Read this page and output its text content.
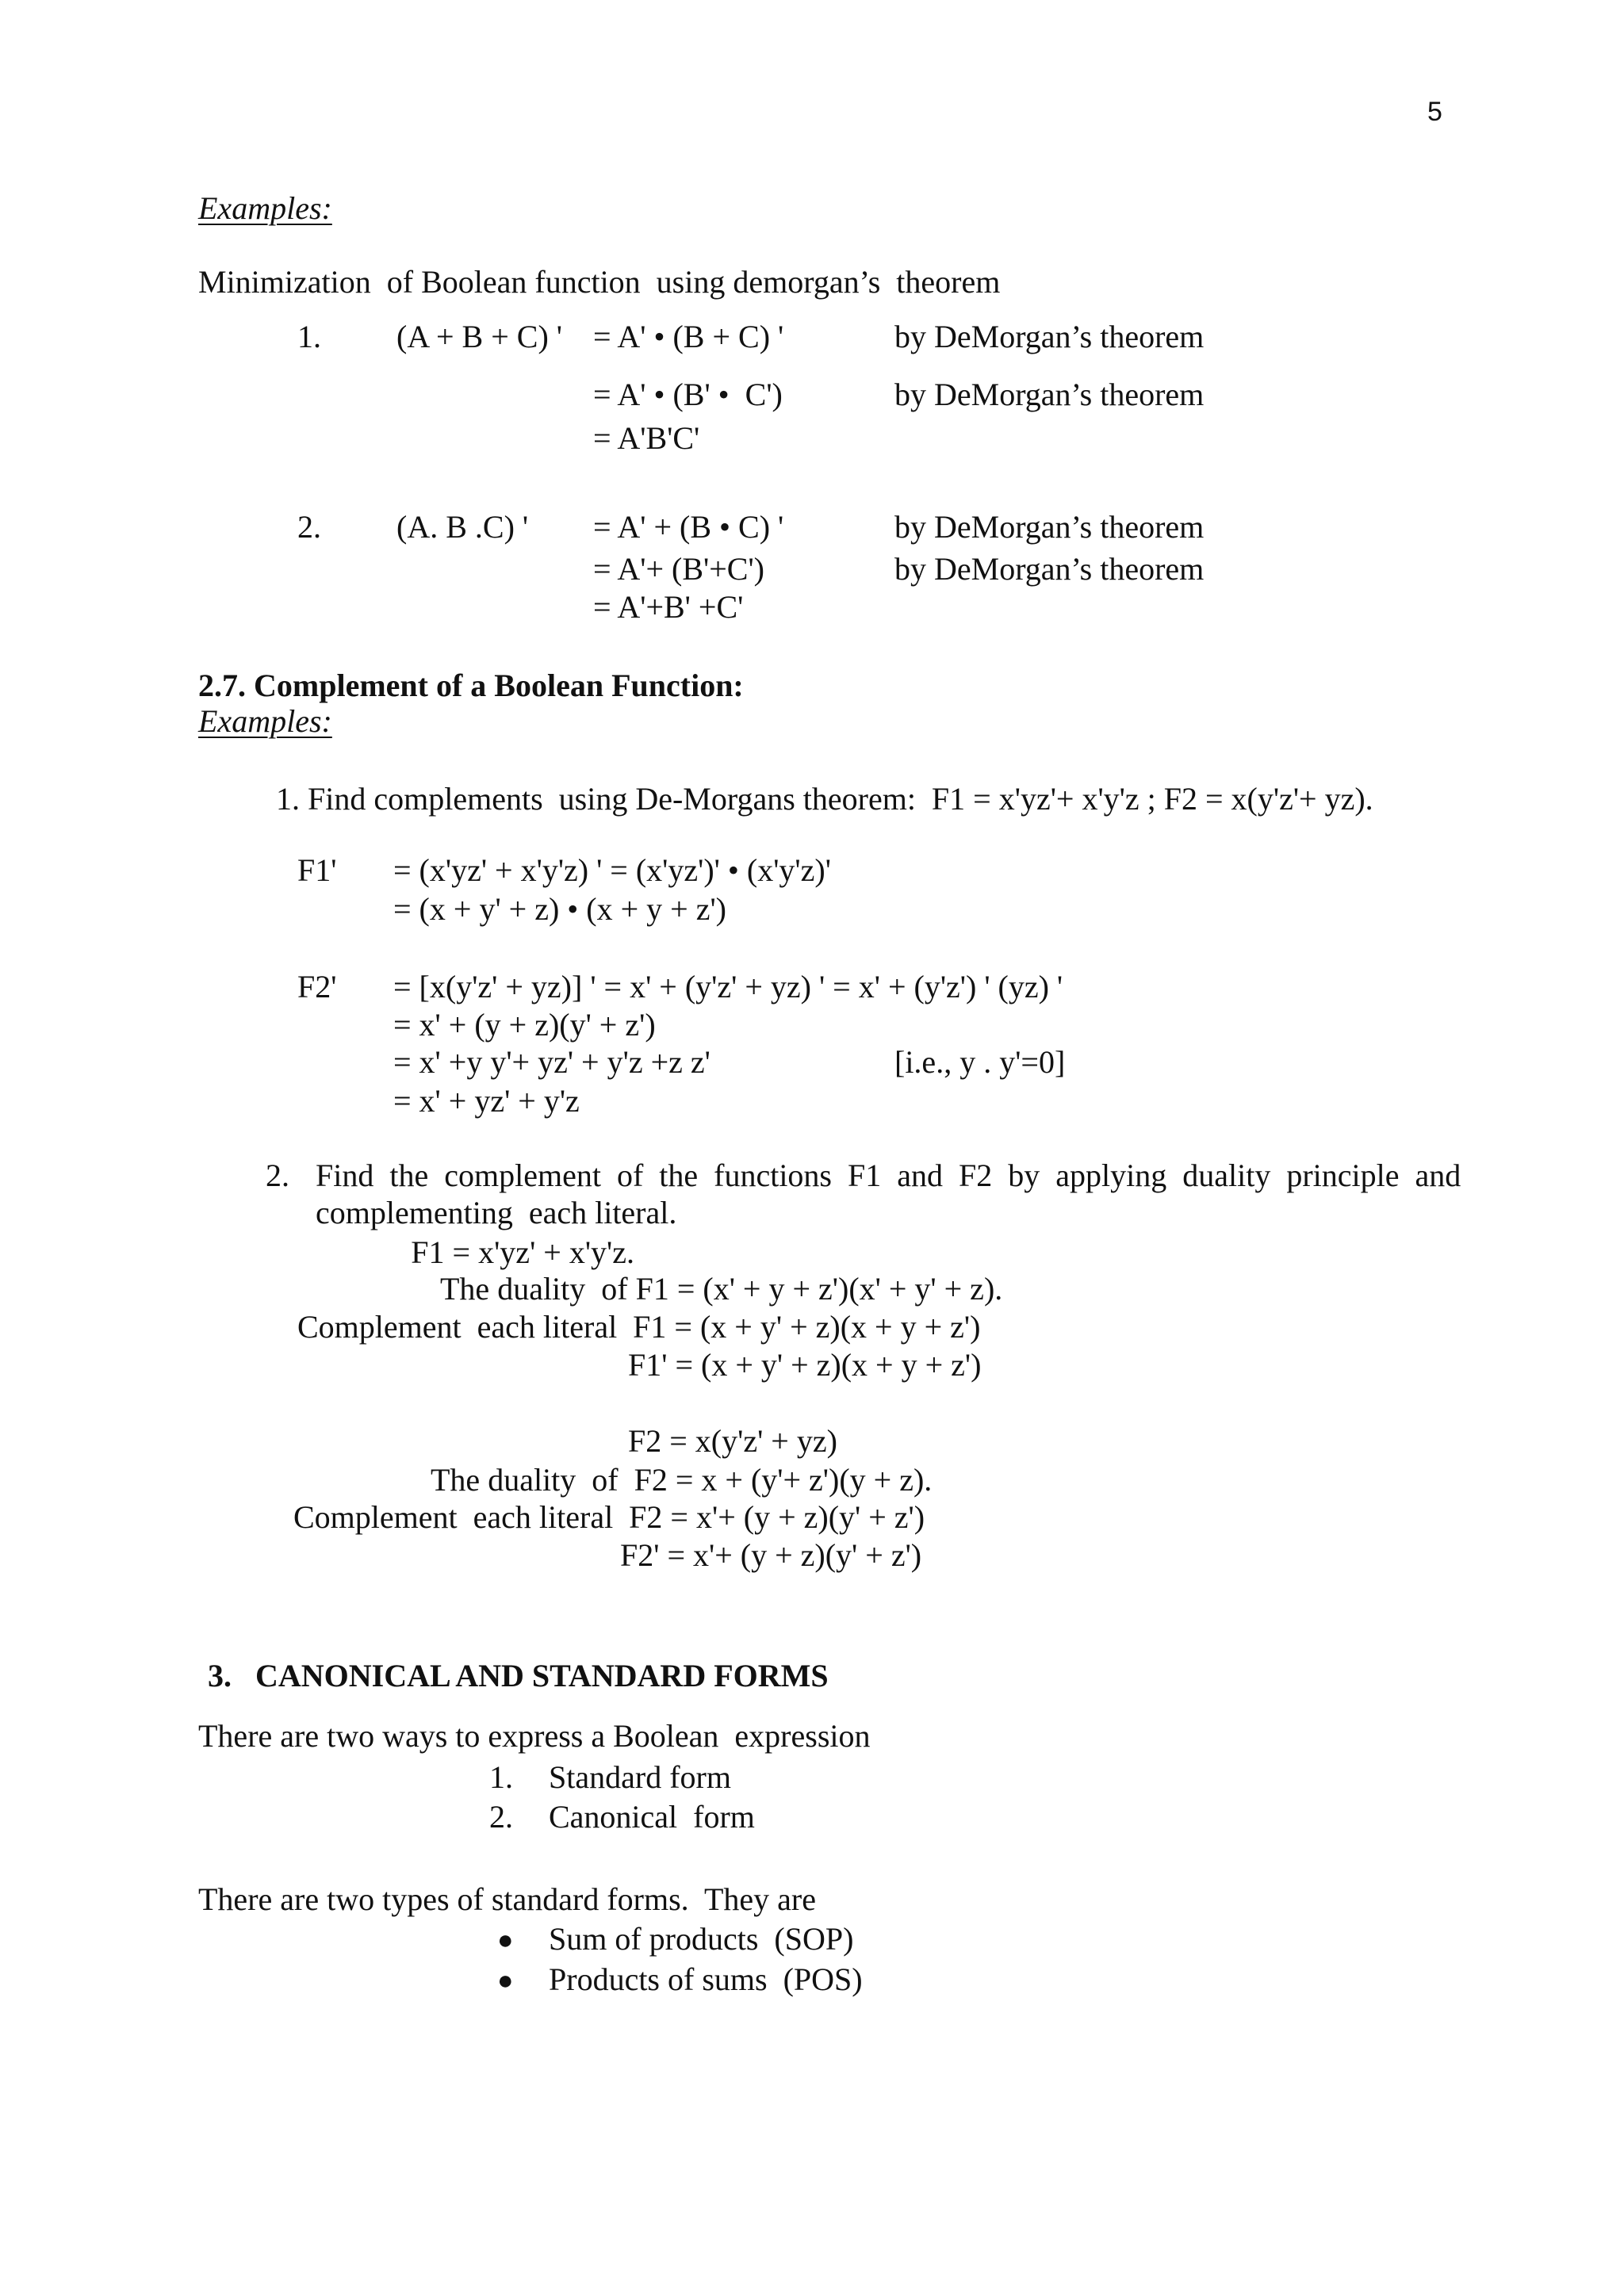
5
Examples:
Minimization  of Boolean function  using demorgan’s  theorem
1. (A + B + C) ' = A' • (B + C) '
= A' • (B' •  C')
= A'B'C'
by DeMorgan’s theorem
by DeMorgan’s theorem
2. (A. B .C) ' = A' + (B • C) '
= A'+ (B'+C')
= A'+B' +C'
by DeMorgan’s theorem
by DeMorgan’s theorem
2.7. Complement of a Boolean Function:
Examples:
1. Find complements  using De-Morgans theorem:  F1 = x'yz'+ x'y'z ; F2 = x(y'z'+ yz).
F1' = (x'yz' + x'y'z) ' = (x'yz')' • (x'y'z)'
= (x + y' + z) • (x + y + z')
F2' = [x(y'z' + yz)] ' = x' + (y'z' + yz) ' = x' + (y'z') ' (yz) '
= x' + (y + z)(y' + z')
= x' +y y'+ yz' + y'z +z z'
= x' + yz' + y'z
[i.e., y . y'=0]
2. Find  the  complement  of  the  functions  F1  and  F2  by  applying  duality  principle  and
complementing  each literal.
F1 = x'yz' + x'y'z.
The duality  of F1 = (x' + y + z')(x' + y' + z).
Complement  each literal  F1 = (x + y' + z)(x + y + z')
F1' = (x + y' + z)(x + y + z')
F2 = x(y'z' + yz)
The duality  of  F2 = x + (y'+ z')(y + z).
Complement  each literal  F2 = x'+ (y + z)(y' + z')
F2' = x'+ (y + z)(y' + z')
3.   CANONICAL AND STANDARD FORMS
There are two ways to express a Boolean  expression
1. Standard form
2. Canonical  form
There are two types of standard forms.  They are
● Sum of products  (SOP)
● Products of sums  (POS)
